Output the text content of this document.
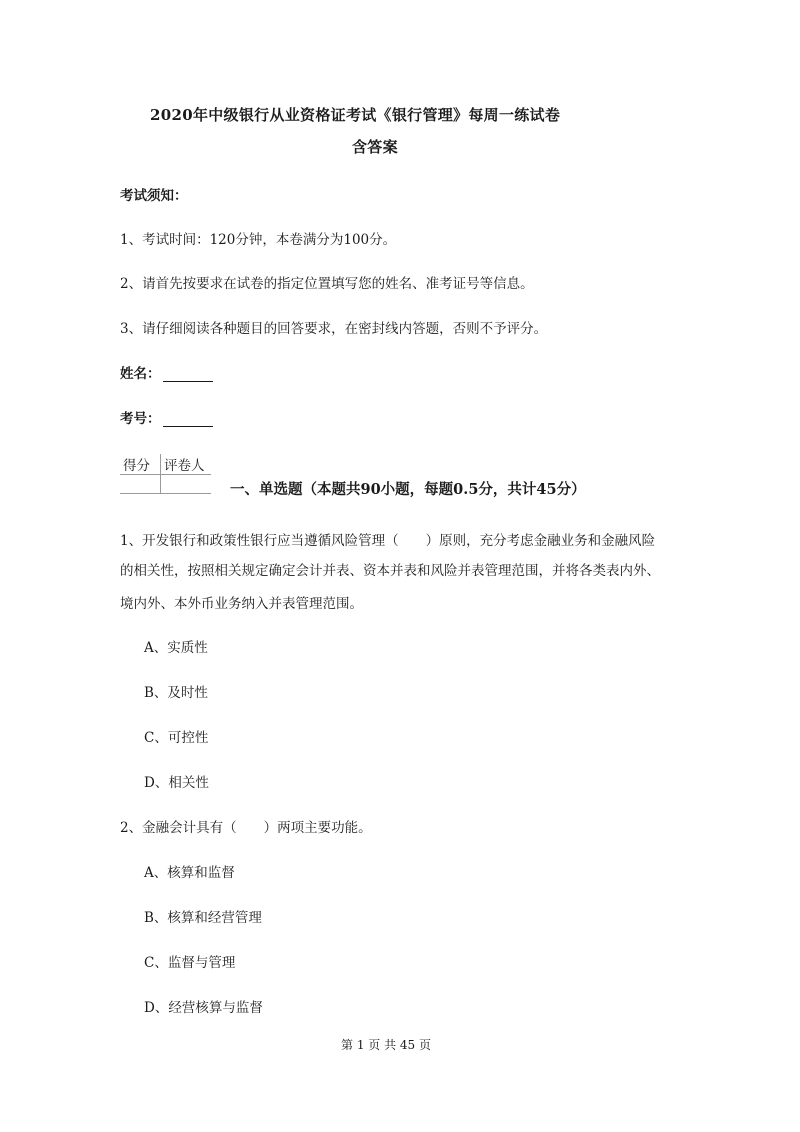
2020年中级银行从业资格证考试《银行管理》每周一练试卷
含答案
考试须知：
1、考试时间：120分钟，本卷满分为100分。
2、请首先按要求在试卷的指定位置填写您的姓名、准考证号等信息。
3、请仔细阅读各种题目的回答要求，在密封线内答题，否则不予评分。
姓名：
考号：
得分	评卷人

一、单选题（本题共90小题，每题0.5分，共计45分）
1、开发银行和政策性银行应当遵循风险管理（　　）原则，充分考虑金融业务和金融风险
的相关性，按照相关规定确定会计并表、资本并表和风险并表管理范围，并将各类表内外、
境内外、本外币业务纳入并表管理范围。
A、实质性
B、及时性
C、可控性
D、相关性
2、金融会计具有（　　）两项主要功能。
A、核算和监督
B、核算和经营管理
C、监督与管理
D、经营核算与监督
第 1 页 共 45 页
